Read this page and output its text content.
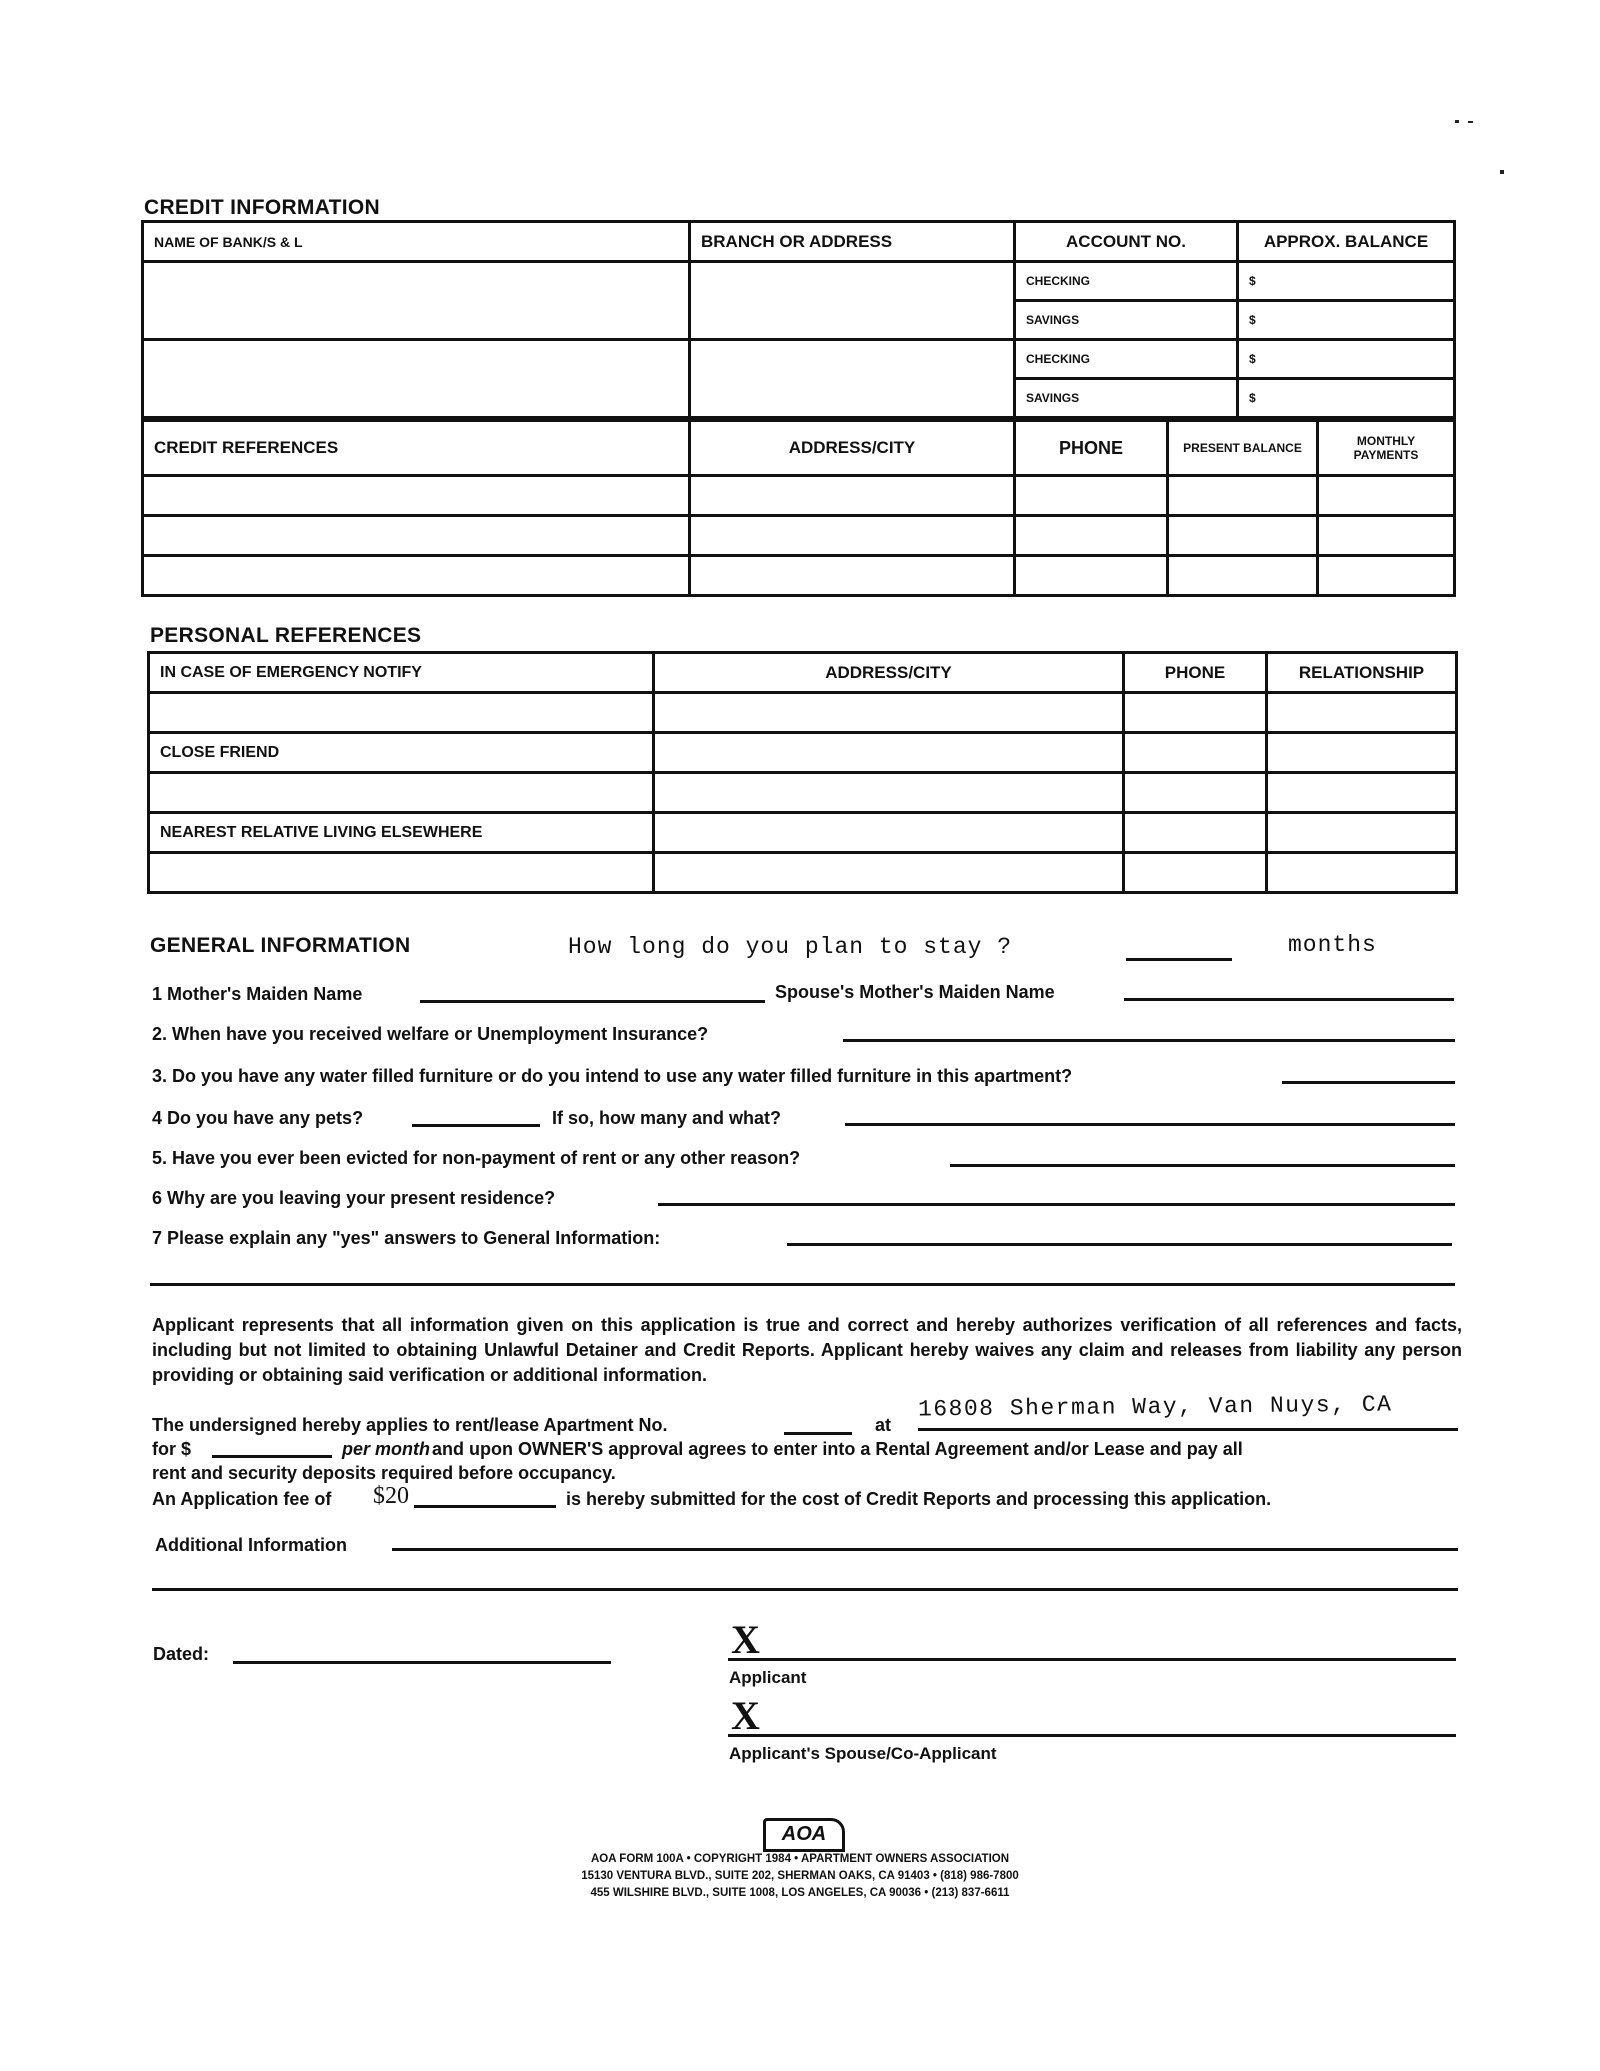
CREDIT INFORMATION
NAME OF BANK/S & L	BRANCH OR ADDRESS	ACCOUNT NO.	APPROX. BALANCE
		CHECKING	$
		SAVINGS	$
		CHECKING	$
		SAVINGS	$
CREDIT REFERENCES	ADDRESS/CITY	PHONE	PRESENT BALANCE	MONTHLY PAYMENTS

PERSONAL REFERENCES
IN CASE OF EMERGENCY NOTIFY	ADDRESS/CITY	PHONE	RELATIONSHIP

CLOSE FRIEND			

NEAREST RELATIVE LIVING ELSEWHERE			

GENERAL INFORMATION	How long do you plan to stay ?	months
1 Mother's Maiden Name	Spouse's Mother's Maiden Name
2. When have you received welfare or Unemployment Insurance?
3. Do you have any water filled furniture or do you intend to use any water filled furniture in this apartment?
4 Do you have any pets?	If so, how many and what?
5. Have you ever been evicted for non-payment of rent or any other reason?
6 Why are you leaving your present residence?
7 Please explain any "yes" answers to General Information:
Applicant represents that all information given on this application is true and correct and hereby authorizes verification of all references and facts, including but not limited to obtaining Unlawful Detainer and Credit Reports. Applicant hereby waives any claim and releases from liability any person providing or obtaining said verification or additional information.
The undersigned hereby applies to rent/lease Apartment No.	at
16808 Sherman Way, Van Nuys, CA
for $	per month and upon OWNER'S approval agrees to enter into a Rental Agreement and/or Lease and pay all
rent and security deposits required before occupancy.
An Application fee of $20	is hereby submitted for the cost of Credit Reports and processing this application.
Additional Information
Dated:	X
Applicant
X
Applicant's Spouse/Co-Applicant
AOA
AOA FORM 100A • COPYRIGHT 1984 • APARTMENT OWNERS ASSOCIATION
15130 VENTURA BLVD., SUITE 202, SHERMAN OAKS, CA 91403 • (818) 986-7800
455 WILSHIRE BLVD., SUITE 1008, LOS ANGELES, CA 90036 • (213) 837-6611
